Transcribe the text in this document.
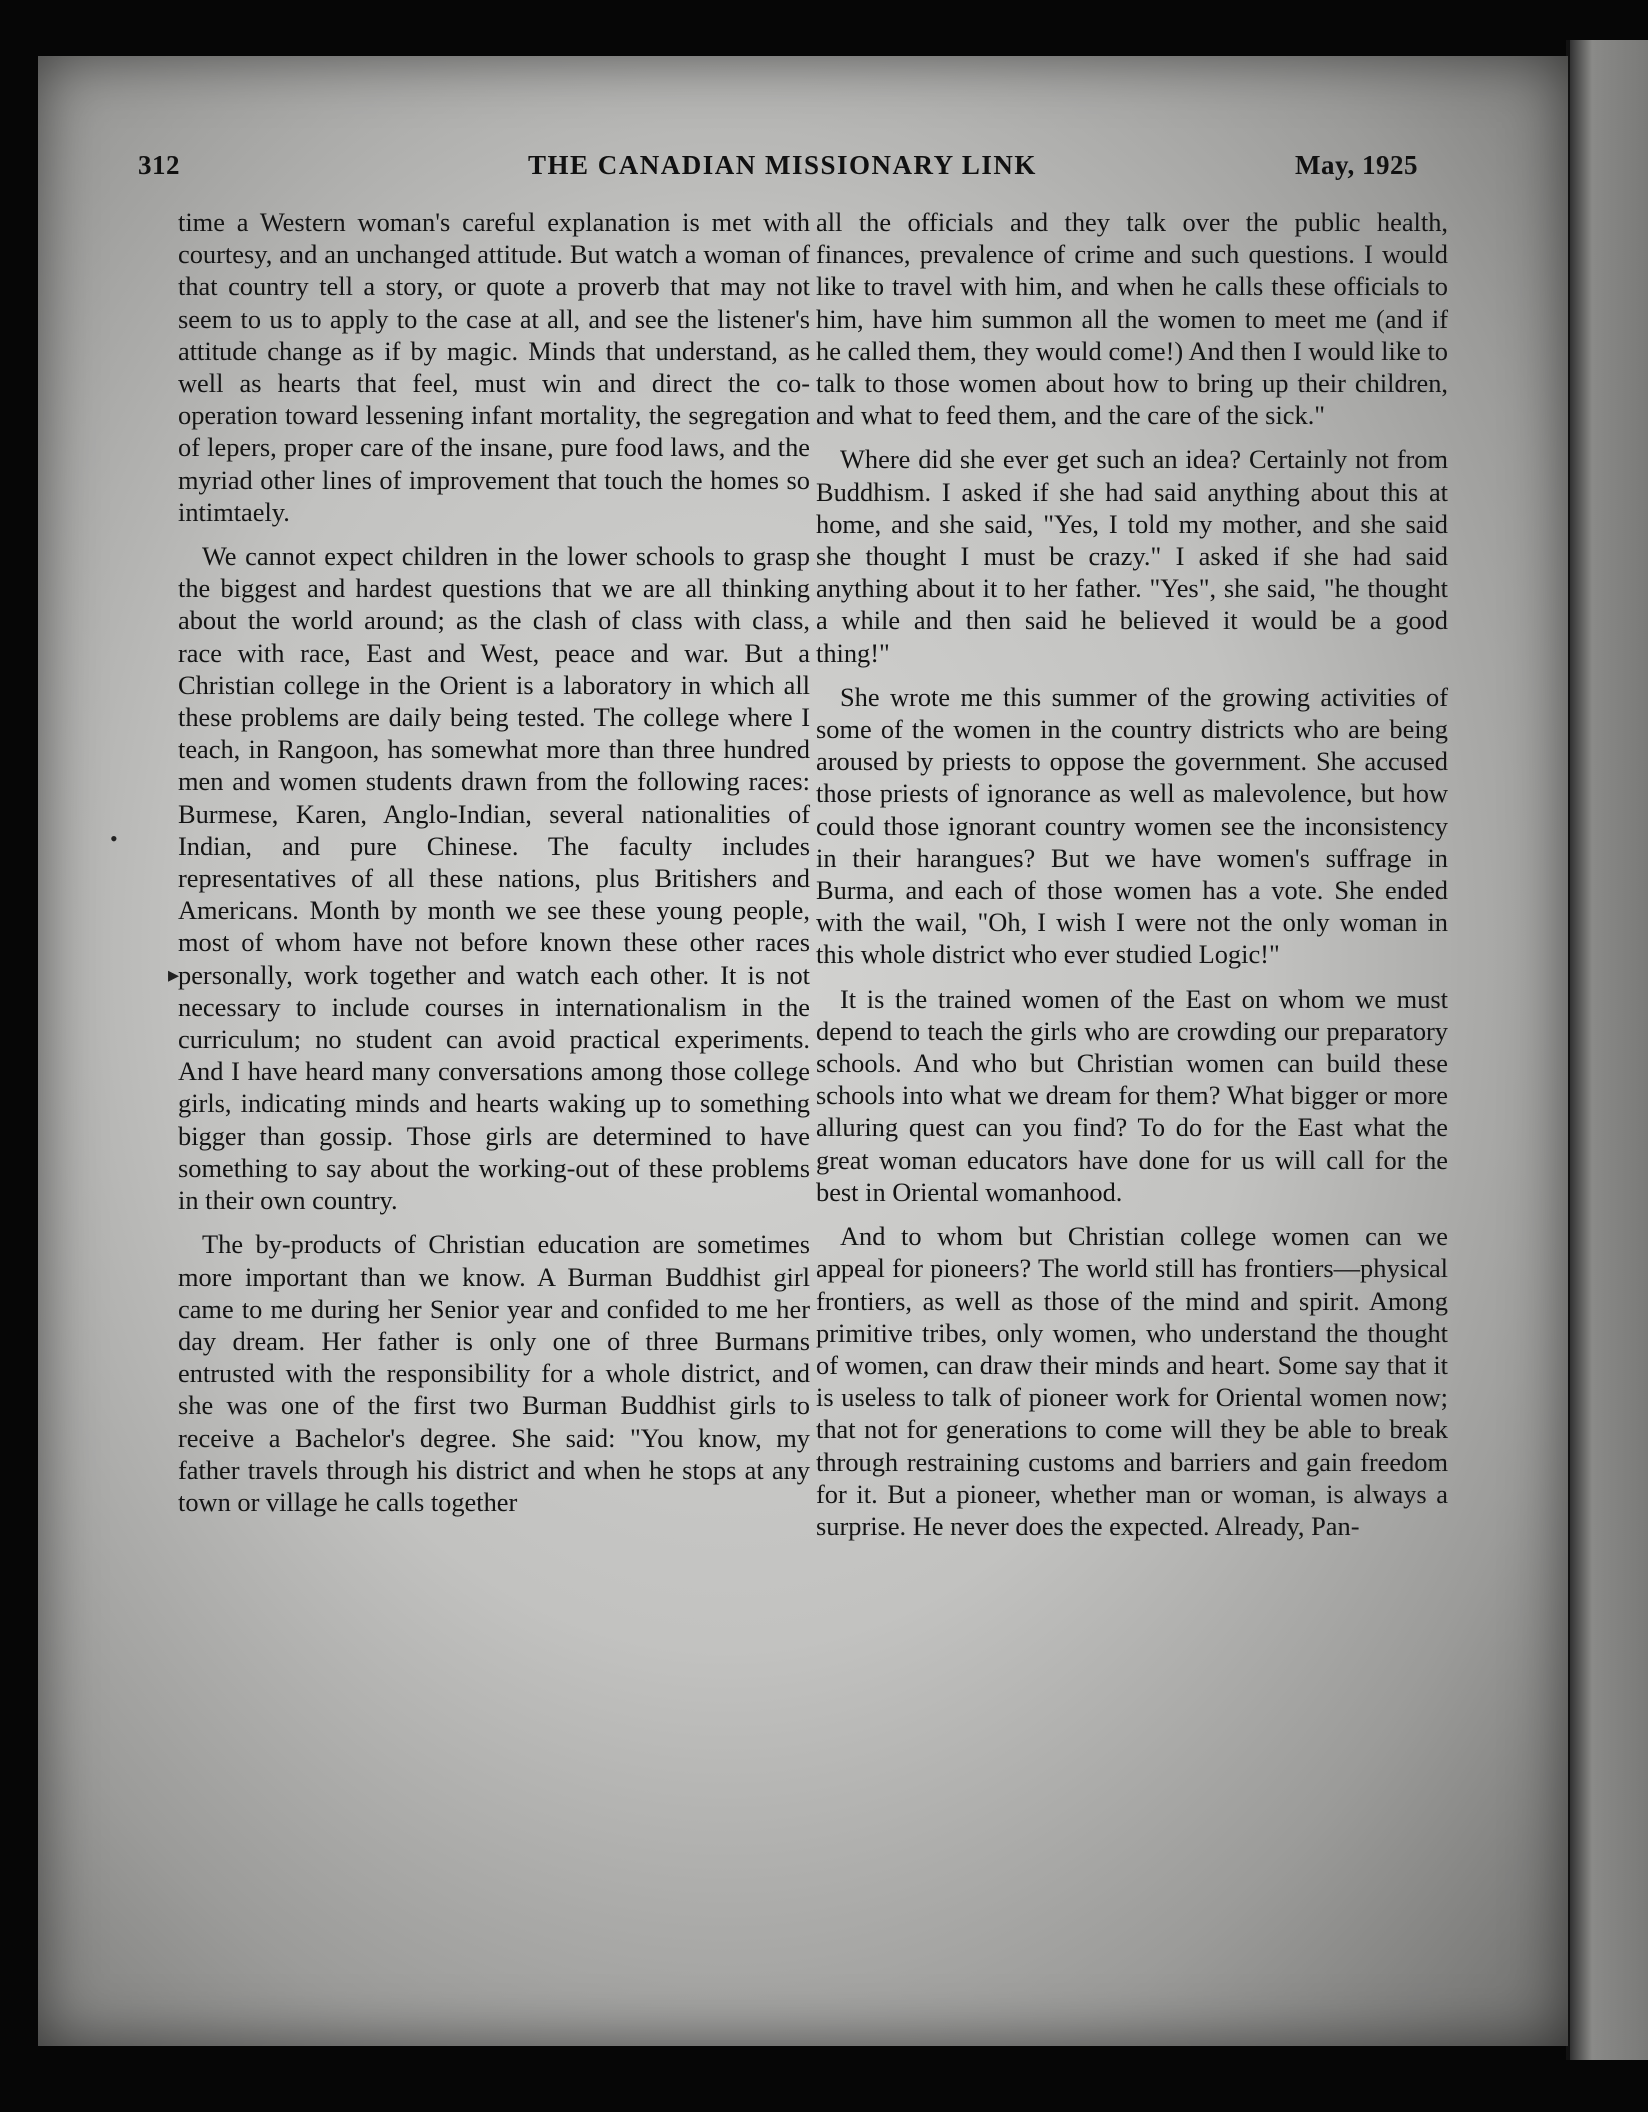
312	THE CANADIAN MISSIONARY LINK	May, 1925

time a Western woman's careful explanation is met with courtesy, and an unchanged attitude. But watch a woman of that country tell a story, or quote a proverb that may not seem to us to apply to the case at all, and see the listener's attitude change as if by magic. Minds that understand, as well as hearts that feel, must win and direct the co-operation toward lessening infant mortality, the segregation of lepers, proper care of the insane, pure food laws, and the myriad other lines of improvement that touch the homes so intimtaely.

We cannot expect children in the lower schools to grasp the biggest and hardest questions that we are all thinking about the world around; as the clash of class with class, race with race, East and West, peace and war. But a Christian college in the Orient is a laboratory in which all these problems are daily being tested. The college where I teach, in Rangoon, has somewhat more than three hundred men and women students drawn from the following races: Burmese, Karen, Anglo-Indian, several nationalities of Indian, and pure Chinese. The faculty includes representatives of all these nations, plus Britishers and Americans. Month by month we see these young people, most of whom have not before known these other races personally, work together and watch each other. It is not necessary to include courses in internationalism in the curriculum; no student can avoid practical experiments. And I have heard many conversations among those college girls, indicating minds and hearts waking up to something bigger than gossip. Those girls are determined to have something to say about the working-out of these problems in their own country.

The by-products of Christian education are sometimes more important than we know. A Burman Buddhist girl came to me during her Senior year and confided to me her day dream. Her father is only one of three Burmans entrusted with the responsibility for a whole district, and she was one of the first two Burman Buddhist girls to receive a Bachelor's degree. She said: "You know, my father travels through his district and when he stops at any town or village he calls together

all the officials and they talk over the public health, finances, prevalence of crime and such questions. I would like to travel with him, and when he calls these officials to him, have him summon all the women to meet me (and if he called them, they would come!) And then I would like to talk to those women about how to bring up their children, and what to feed them, and the care of the sick."

Where did she ever get such an idea? Certainly not from Buddhism. I asked if she had said anything about this at home, and she said, "Yes, I told my mother, and she said she thought I must be crazy." I asked if she had said anything about it to her father. "Yes", she said, "he thought a while and then said he believed it would be a good thing!"

She wrote me this summer of the growing activities of some of the women in the country districts who are being aroused by priests to oppose the government. She accused those priests of ignorance as well as malevolence, but how could those ignorant country women see the inconsistency in their harangues? But we have women's suffrage in Burma, and each of those women has a vote. She ended with the wail, "Oh, I wish I were not the only woman in this whole district who ever studied Logic!"

It is the trained women of the East on whom we must depend to teach the girls who are crowding our preparatory schools. And who but Christian women can build these schools into what we dream for them? What bigger or more alluring quest can you find? To do for the East what the great woman educators have done for us will call for the best in Oriental womanhood.

And to whom but Christian college women can we appeal for pioneers? The world still has frontiers—physical frontiers, as well as those of the mind and spirit. Among primitive tribes, only women, who understand the thought of women, can draw their minds and heart. Some say that it is useless to talk of pioneer work for Oriental women now; that not for generations to come will they be able to break through restraining customs and barriers and gain freedom for it. But a pioneer, whether man or woman, is always a surprise. He never does the expected. Already, Pan-

•
▸
